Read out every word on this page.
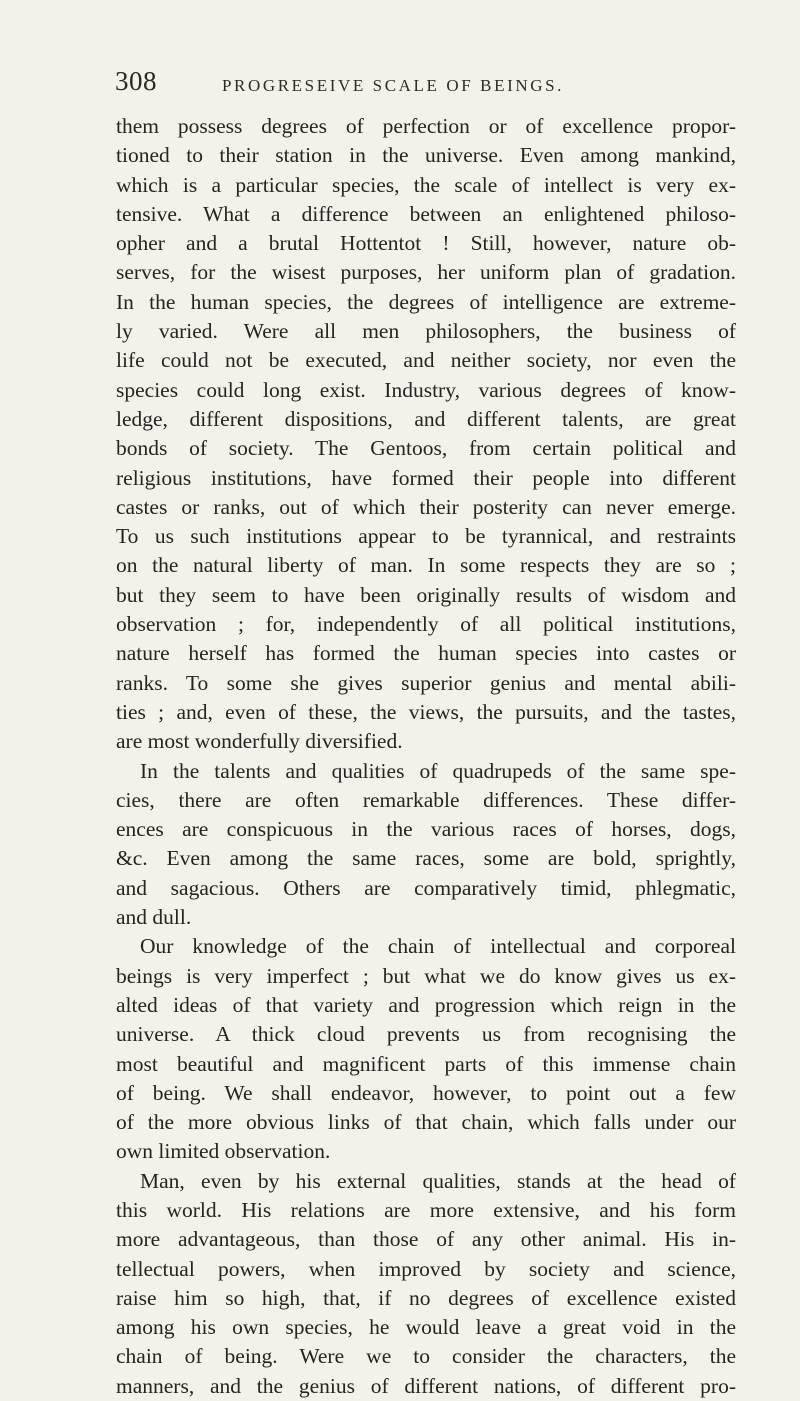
308	PROGRESEIVE SCALE OF BEINGS.
them possess degrees of perfection or of excellence propor-
tioned to their station in the universe. Even among mankind,
which is a particular species, the scale of intellect is very ex-
tensive. What a difference between an enlightened philoso-
opher and a brutal Hottentot ! Still, however, nature ob-
serves, for the wisest purposes, her uniform plan of gradation.
In the human species, the degrees of intelligence are extreme-
ly varied. Were all men philosophers, the business of
life could not be executed, and neither society, nor even the
species could long exist. Industry, various degrees of know-
ledge, different dispositions, and different talents, are great
bonds of society. The Gentoos, from certain political and
religious institutions, have formed their people into different
castes or ranks, out of which their posterity can never emerge.
To us such institutions appear to be tyrannical, and restraints
on the natural liberty of man. In some respects they are so ;
but they seem to have been originally results of wisdom and
observation ; for, independently of all political institutions,
nature herself has formed the human species into castes or
ranks. To some she gives superior genius and mental abili-
ties ; and, even of these, the views, the pursuits, and the tastes,
are most wonderfully diversified.
In the talents and qualities of quadrupeds of the same spe-
cies, there are often remarkable differences. These differ-
ences are conspicuous in the various races of horses, dogs,
&c. Even among the same races, some are bold, sprightly,
and sagacious. Others are comparatively timid, phlegmatic,
and dull.
Our knowledge of the chain of intellectual and corporeal
beings is very imperfect ; but what we do know gives us ex-
alted ideas of that variety and progression which reign in the
universe. A thick cloud prevents us from recognising the
most beautiful and magnificent parts of this immense chain
of being. We shall endeavor, however, to point out a few
of the more obvious links of that chain, which falls under our
own limited observation.
Man, even by his external qualities, stands at the head of
this world. His relations are more extensive, and his form
more advantageous, than those of any other animal. His in-
tellectual powers, when improved by society and science,
raise him so high, that, if no degrees of excellence existed
among his own species, he would leave a great void in the
chain of being. Were we to consider the characters, the
manners, and the genius of different nations, of different pro-
